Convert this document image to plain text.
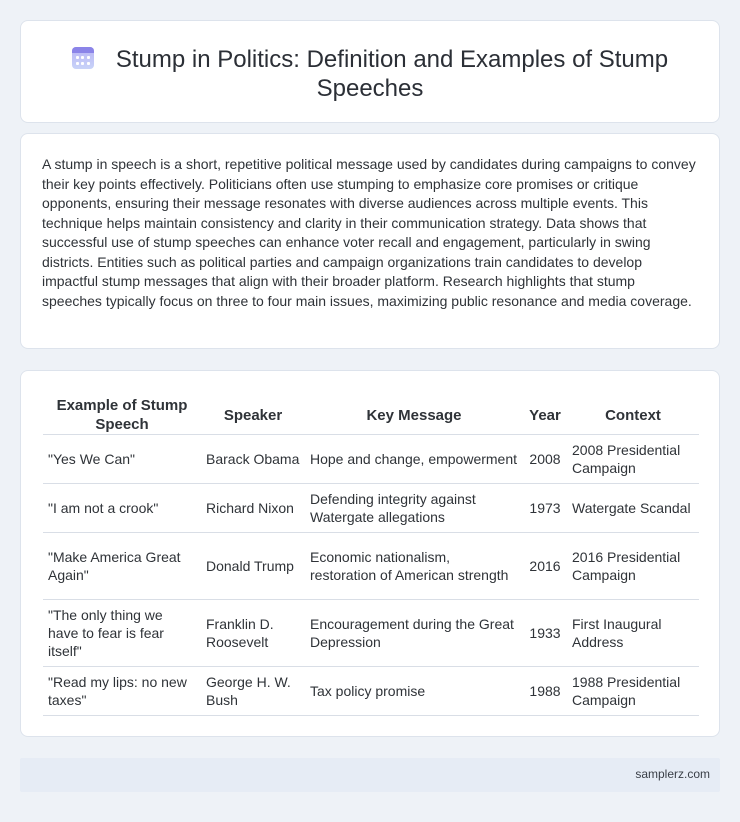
Stump in Politics: Definition and Examples of Stump Speeches

A stump in speech is a short, repetitive political message used by candidates during campaigns to convey their key points effectively. Politicians often use stumping to emphasize core promises or critique opponents, ensuring their message resonates with diverse audiences across multiple events. This technique helps maintain consistency and clarity in their communication strategy. Data shows that successful use of stump speeches can enhance voter recall and engagement, particularly in swing districts. Entities such as political parties and campaign organizations train candidates to develop impactful stump messages that align with their broader platform. Research highlights that stump speeches typically focus on three to four main issues, maximizing public resonance and media coverage.

Example of Stump Speech	Speaker	Key Message	Year	Context
"Yes We Can"	Barack Obama	Hope and change, empowerment	2008	2008 Presidential Campaign
"I am not a crook"	Richard Nixon	Defending integrity against Watergate allegations	1973	Watergate Scandal
"Make America Great Again"	Donald Trump	Economic nationalism, restoration of American strength	2016	2016 Presidential Campaign
"The only thing we have to fear is fear itself"	Franklin D. Roosevelt	Encouragement during the Great Depression	1933	First Inaugural Address
"Read my lips: no new taxes"	George H. W. Bush	Tax policy promise	1988	1988 Presidential Campaign
samplerz.com
